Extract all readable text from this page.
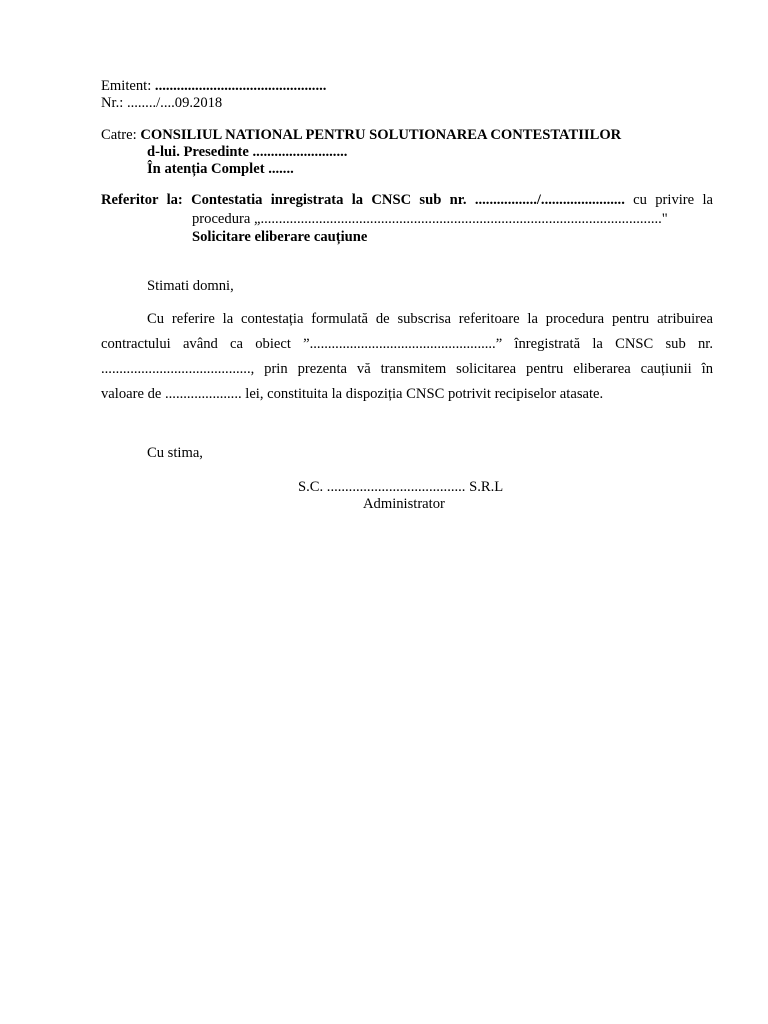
Emitent: ...............................................
Nr.: ......../....09.2018
Catre: CONSILIUL NATIONAL PENTRU SOLUTIONAREA CONTESTATIILOR
d-lui. Presedinte ..........................
În atenția Complet .......
Referitor la: Contestatia inregistrata la CNSC sub nr. ................./....................... cu privire la
procedura „.............................................................................................................."
Solicitare eliberare cauțiune
Stimati domni,
Cu referire la contestația formulată de subscrisa referitoare la procedura pentru atribuirea
contractului având ca obiect ”...................................................” înregistrată la CNSC sub nr.
........................................., prin prezenta vă transmitem solicitarea pentru eliberarea cauțiunii în
valoare de ..................... lei, constituita la dispoziția CNSC potrivit recipiselor atasate.
Cu stima,
S.C. ...................................... S.R.L
Administrator
